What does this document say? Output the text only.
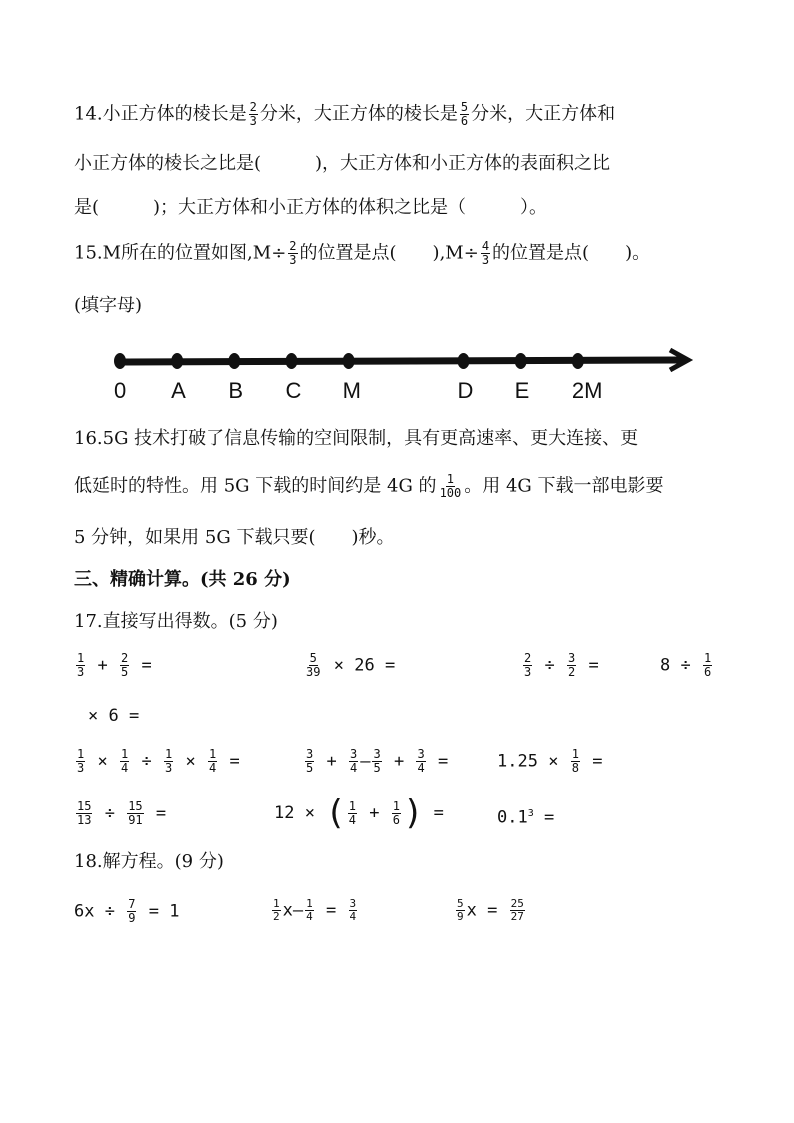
14.小正方体的棱长是 $\frac{2}{3}$ 分米，大正方体的棱长是 $\frac{5}{6}$ 分米，大正方体和
小正方体的棱长之比是(　　　)，大正方体和小正方体的表面积之比
是(　　　)；大正方体和小正方体的体积之比是（　　　）。
15.M所在的位置如图$,M\div \frac{2}{3}$ 的位置是点(　　)$,M\div \frac{4}{3}$ 的位置是点(　　)。
(填字母)
0 A B C M	D E 2M
16.5G 技术打破了信息传输的空间限制，具有更高速率、更大连接、更
低延时的特性。用 5G 下载的时间约是 4G 的 $\frac{1}{100}$ 。用 4G 下载一部电影要
5 分钟，如果用 5G 下载只要(　　)秒。
三、精确计算。(共 26 分)
17.直接写出得数。(5 分)
$\frac{1}{3} + \frac{2}{5}$ =	$\frac{5}{39} \times 26$ =	$\frac{2}{3} \div \frac{3}{2}$ =	$8 \div \frac{1}{6}$
× 6 =
$\frac{1}{3} \times \frac{1}{4} \div \frac{1}{3} \times \frac{1}{4}$ =	$\frac{3}{5} + \frac{3}{4} - \frac{3}{5} + \frac{3}{4}$ =	$1.25 \times \frac{1}{8}$ =
$\frac{15}{13} \div \frac{15}{91}$ =	12 × ( $\frac{1}{4} + \frac{1}{6}$ ) =	$0.1^3$ =
18.解方程。(9 分)
$6x \div \frac{7}{9} = 1$	$\frac{1}{2} x- \frac{1}{4} = \frac{3}{4}$	$\frac{5}{9}$ $x = \frac{25}{27}$
